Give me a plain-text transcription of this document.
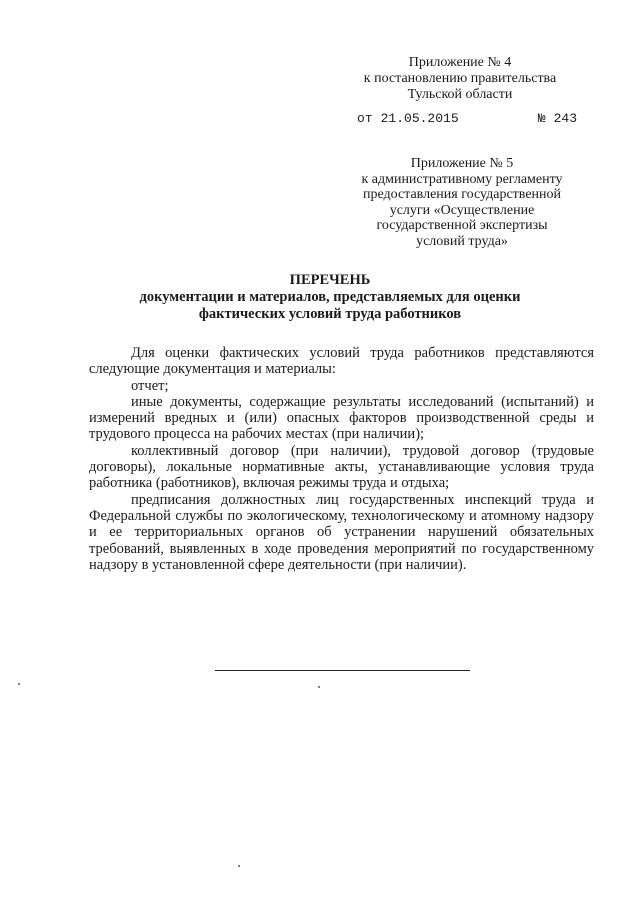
Приложение № 4
к постановлению правительства
Тульской области
от 21.05.2015	№ 243
Приложение № 5
к административному регламенту
предоставления государственной
услуги «Осуществление
государственной экспертизы
условий труда»
ПЕРЕЧЕНЬ
документации и материалов, представляемых для оценки
фактических условий труда работников

Для оценки фактических условий труда работников представляются следующие документация и материалы:

отчет;

иные документы, содержащие результаты исследований (испытаний) и измерений вредных и (или) опасных факторов производственной среды и трудового процесса на рабочих местах (при наличии);

коллективный договор (при наличии), трудовой договор (трудовые договоры), локальные нормативные акты, устанавливающие условия труда работника (работников), включая режимы труда и отдыха;

предписания должностных лиц государственных инспекций труда и Федеральной службы по экологическому, технологическому и атомному надзору и ее территориальных органов об устранении нарушений обязательных требований, выявленных в ходе проведения мероприятий по государственному надзору в установленной сфере деятельности (при наличии).
